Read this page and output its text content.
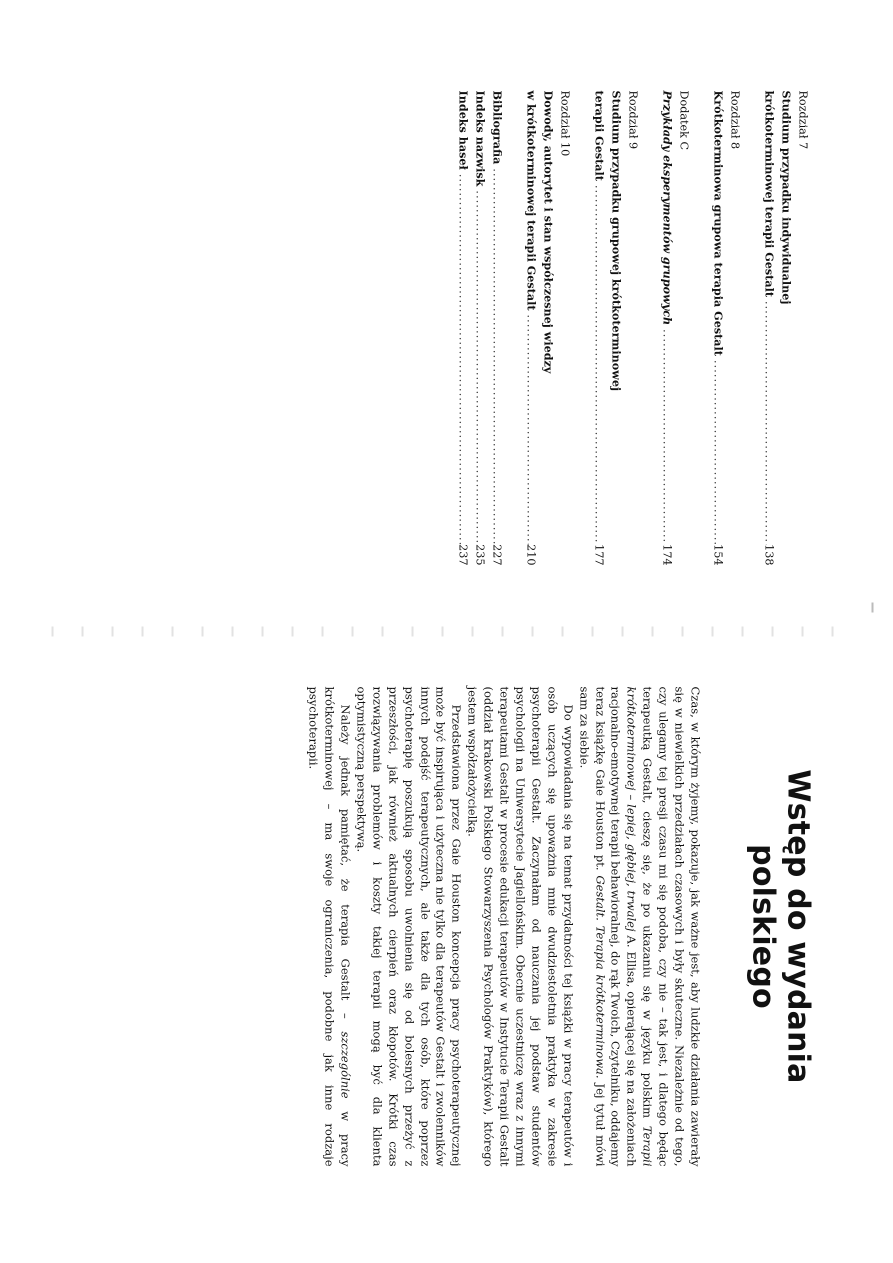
Rozdział 7
Studium przypadku indywidualnej
krótkoterminowej terapii Gestalt
.....
138
Rozdział 8
Krótkoterminowa grupowa terapia Gestalt
.....
154
Dodatek C
Przykłady eksperymentów grupowych
.....
174
Rozdział 9
Studium przypadku grupowej krótkoterminowej
terapii Gestalt
.....
177
Rozdział 10
Dowody, autorytet i stan współczesnej wiedzy
w krótkoterminowej terapii Gestalt
.....
210
Bibliografia
.....
227
Indeks nazwisk
.....
235
Indeks haseł
.....
237
Wstęp do wydania polskiego

Czas, w którym żyjemy, pokazuje, jak ważne jest, aby ludzkie działania zawierały się w niewielkich przedziałach czasowych i były skuteczne. Niezależnie od tego, czy ulegamy tej presji czasu mi się podoba, czy nie – tak jest, i dlatego będąc terapeutką Gestalt, cieszę się, że po ukazaniu się w języku polskim Terapii krótkoterminowej – lepiej, głębiej, trwalej A. Ellisa, opierającej się na założeniach racjonalno-emotywnej terapii behawioralnej, do rąk Twoich, Czytelniku, oddajemy teraz książkę Gaie Houston pt. Gestalt. Terapia krótkoterminowa. Jej tytuł mówi sam za siebie.

Do wypowiadania się na temat przydatności tej książki w pracy terapeutów i osób uczących się upoważnia mnie dwudziestoletnia praktyka w zakresie psychoterapii Gestalt. Zaczynałam od nauczania jej podstaw studentów psychologii na Uniwersytecie Jagiellońskim. Obecnie uczestniczę wraz z innymi terapeutami Gestalt w procesie edukacji terapeutów w Instytucie Terapii Gestalt (oddział krakowski Polskiego Stowarzyszenia Psychologów Praktyków), którego jestem współzałożycielką.

Przedstawiona przez Gaie Houston koncepcja pracy psychoterapeutycznej może być inspirująca i użyteczna nie tylko dla terapeutów Gestalt i zwolenników innych podejść terapeutycznych, ale także dla tych osób, które poprzez psychoterapię poszukują sposobu uwolnienia się od bolesnych przeżyć z przeszłości, jak również aktualnych cierpień oraz kłopotów. Krótki czas rozwiązywania problemów i koszty takiej terapii mogą być dla klienta optymistyczną perspektywą.

Należy jednak pamiętać, że terapia Gestalt – szczególnie w pracy krótkoterminowej – ma swoje ograniczenia, podobne jak inne rodzaje psychoterapii.
